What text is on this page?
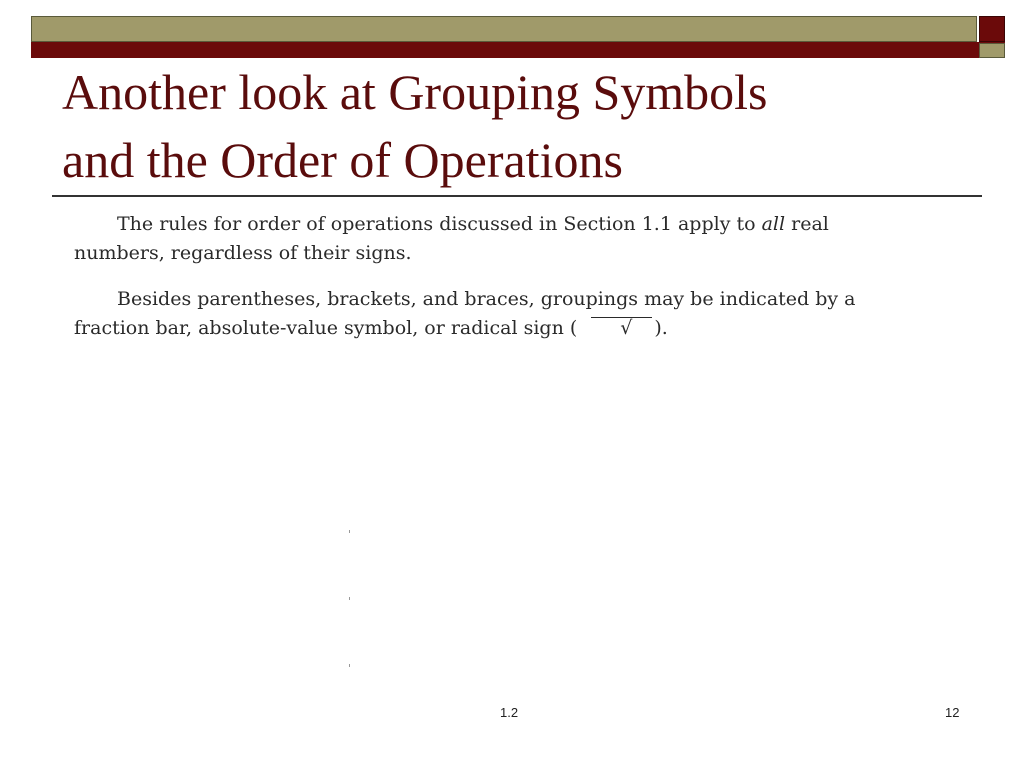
Another look at Grouping Symbols
and the Order of Operations

The rules for order of operations discussed in Section 1.1 apply to all real numbers, regardless of their signs.

Besides parentheses, brackets, and braces, groupings may be indicated by a fraction bar, absolute-value symbol, or radical sign ( √ ).

1.2	12
